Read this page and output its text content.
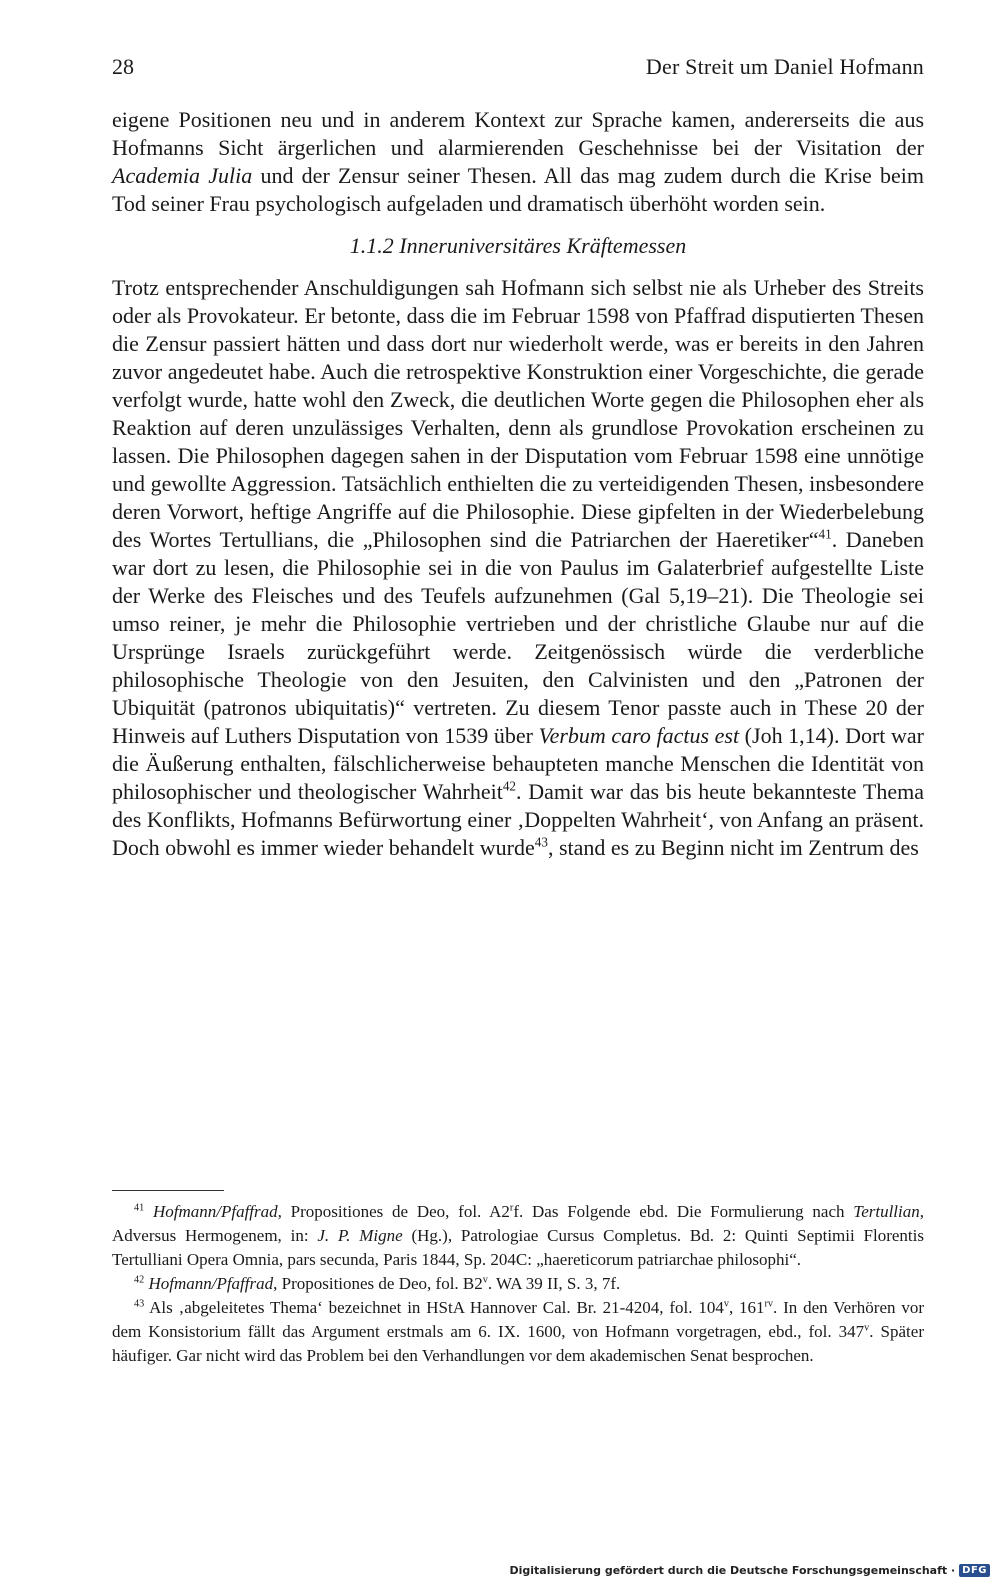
28	Der Streit um Daniel Hofmann

eigene Positionen neu und in anderem Kontext zur Sprache kamen, andererseits die aus Hofmanns Sicht ärgerlichen und alarmierenden Geschehnisse bei der Visitation der Academia Julia und der Zensur seiner Thesen. All das mag zudem durch die Krise beim Tod seiner Frau psychologisch aufgeladen und dramatisch überhöht worden sein.

1.1.2 Inneruniversitäres Kräftemessen

Trotz entsprechender Anschuldigungen sah Hofmann sich selbst nie als Urheber des Streits oder als Provokateur. Er betonte, dass die im Februar 1598 von Pfaffrad disputierten Thesen die Zensur passiert hätten und dass dort nur wiederholt werde, was er bereits in den Jahren zuvor angedeutet habe. Auch die retrospektive Konstruktion einer Vorgeschichte, die gerade verfolgt wurde, hatte wohl den Zweck, die deutlichen Worte gegen die Philosophen eher als Reaktion auf deren unzulässiges Verhalten, denn als grundlose Provokation erscheinen zu lassen. Die Philosophen dagegen sahen in der Disputation vom Februar 1598 eine unnötige und gewollte Aggression. Tatsächlich enthielten die zu verteidigenden Thesen, insbesondere deren Vorwort, heftige Angriffe auf die Philosophie. Diese gipfelten in der Wiederbelebung des Wortes Tertullians, die „Philosophen sind die Patriarchen der Haeretiker“$^{41}$. Daneben war dort zu lesen, die Philosophie sei in die von Paulus im Galaterbrief aufgestellte Liste der Werke des Fleisches und des Teufels aufzunehmen (Gal 5,19–21). Die Theologie sei umso reiner, je mehr die Philosophie vertrieben und der christliche Glaube nur auf die Ursprünge Israels zurückgeführt werde. Zeitgenössisch würde die verderbliche philosophische Theologie von den Jesuiten, den Calvinisten und den „Patronen der Ubiquität (patronos ubiquitatis)“ vertreten. Zu diesem Tenor passte auch in These 20 der Hinweis auf Luthers Disputation von 1539 über Verbum caro factus est (Joh 1,14). Dort war die Äußerung enthalten, fälschlicherweise behaupteten manche Menschen die Identität von philosophischer und theologischer Wahrheit$^{42}$. Damit war das bis heute bekannteste Thema des Konflikts, Hofmanns Befürwortung einer ‚Doppelten Wahrheit‘, von Anfang an präsent. Doch obwohl es immer wieder behandelt wurde$^{43}$, stand es zu Beginn nicht im Zentrum des

$^{41}$ Hofmann/Pfaffrad, Propositiones de Deo, fol. A2$^r$f. Das Folgende ebd. Die Formulierung nach Tertullian, Adversus Hermogenem, in: J. P. Migne (Hg.), Patrologiae Cursus Completus. Bd. 2: Quinti Septimii Florentis Tertulliani Opera Omnia, pars secunda, Paris 1844, Sp. 204C: „haereticorum patriarchae philosophi“.

$^{42}$ Hofmann/Pfaffrad, Propositiones de Deo, fol. B2$^v$. WA 39 II, S. 3, 7f.

$^{43}$ Als ‚abgeleitetes Thema‘ bezeichnet in HStA Hannover Cal. Br. 21-4204, fol. 104$^v$, $161^{rv}$. In den Verhören vor dem Konsistorium fällt das Argument erstmals am 6. IX. 1600, von Hofmann vorgetragen, ebd., fol. 347$^v$. Später häufiger. Gar nicht wird das Problem bei den Verhandlungen vor dem akademischen Senat besprochen.

Digitalisierung gefördert durch die Deutsche Forschungsgemeinschaft · DFG
